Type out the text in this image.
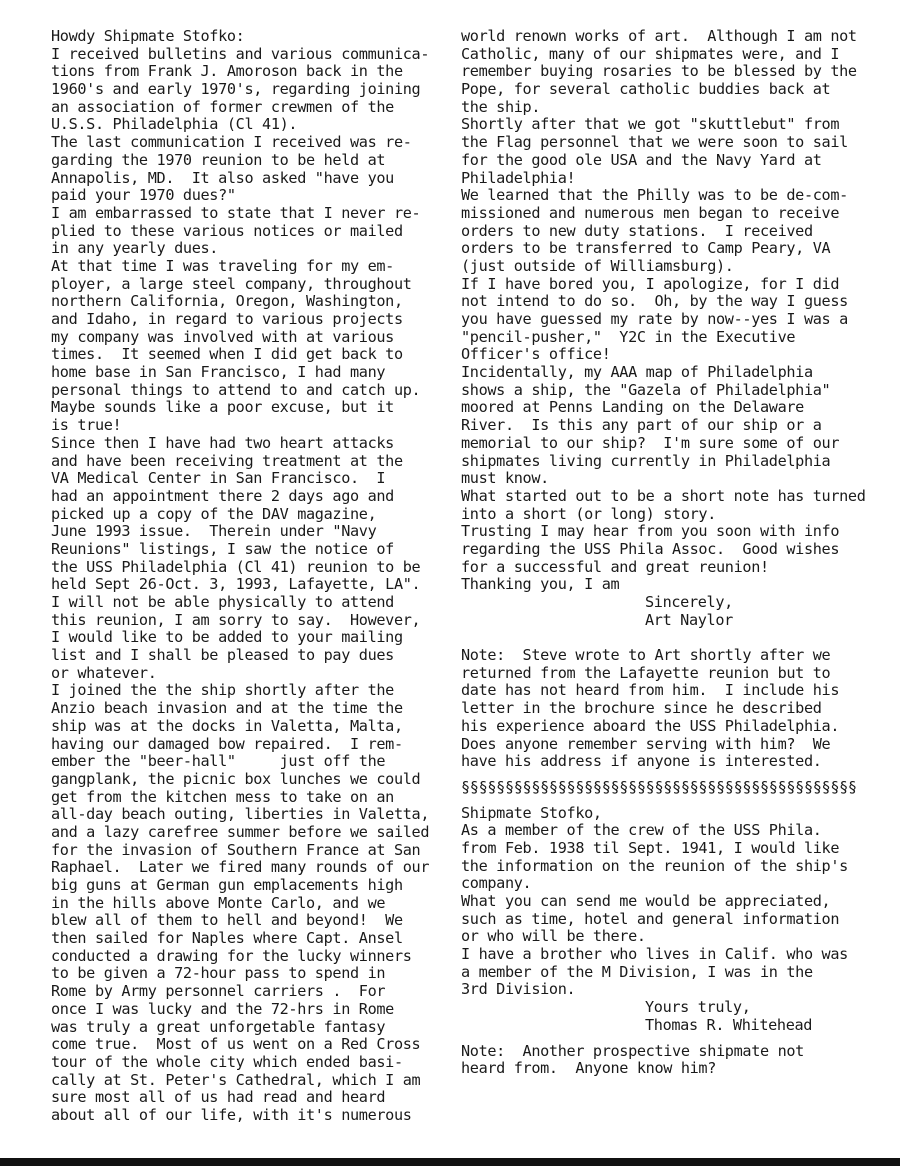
Howdy Shipmate Stofko:
I received bulletins and various communica-
tions from Frank J. Amoroson back in the
1960's and early 1970's, regarding joining
an association of former crewmen of the
U.S.S. Philadelphia (Cl 41).
The last communication I received was re-
garding the 1970 reunion to be held at
Annapolis, MD.  It also asked "have you
paid your 1970 dues?"
I am embarrassed to state that I never re-
plied to these various notices or mailed
in any yearly dues.
At that time I was traveling for my em-
ployer, a large steel company, throughout
northern California, Oregon, Washington,
and Idaho, in regard to various projects
my company was involved with at various
times.  It seemed when I did get back to
home base in San Francisco, I had many
personal things to attend to and catch up.
Maybe sounds like a poor excuse, but it
is true!
Since then I have had two heart attacks
and have been receiving treatment at the
VA Medical Center in San Francisco.  I
had an appointment there 2 days ago and
picked up a copy of the DAV magazine,
June 1993 issue.  Therein under "Navy
Reunions" listings, I saw the notice of
the USS Philadelphia (Cl 41) reunion to be
held Sept 26-Oct. 3, 1993, Lafayette, LA".
I will not be able physically to attend
this reunion, I am sorry to say.  However,
I would like to be added to your mailing
list and I shall be pleased to pay dues
or whatever.
I joined the the ship shortly after the
Anzio beach invasion and at the time the
ship was at the docks in Valetta, Malta,
having our damaged bow repaired.  I rem-
ember the "beer-hall"     just off the
gangplank, the picnic box lunches we could
get from the kitchen mess to take on an
all-day beach outing, liberties in Valetta,
and a lazy carefree summer before we sailed
for the invasion of Southern France at San
Raphael.  Later we fired many rounds of our
big guns at German gun emplacements high
in the hills above Monte Carlo, and we
blew all of them to hell and beyond!  We
then sailed for Naples where Capt. Ansel
conducted a drawing for the lucky winners
to be given a 72-hour pass to spend in
Rome by Army personnel carriers .  For
once I was lucky and the 72-hrs in Rome
was truly a great unforgetable fantasy
come true.  Most of us went on a Red Cross
tour of the whole city which ended basi-
cally at St. Peter's Cathedral, which I am
sure most all of us had read and heard
about all of our life, with it's numerous
world renown works of art.  Although I am not
Catholic, many of our shipmates were, and I
remember buying rosaries to be blessed by the
Pope, for several catholic buddies back at
the ship.
Shortly after that we got "skuttlebut" from
the Flag personnel that we were soon to sail
for the good ole USA and the Navy Yard at
Philadelphia!
We learned that the Philly was to be de-com-
missioned and numerous men began to receive
orders to new duty stations.  I received
orders to be transferred to Camp Peary, VA
(just outside of Williamsburg).
If I have bored you, I apologize, for I did
not intend to do so.  Oh, by the way I guess
you have guessed my rate by now--yes I was a
"pencil-pusher,"  Y2C in the Executive
Officer's office!
Incidentally, my AAA map of Philadelphia
shows a ship, the "Gazela of Philadelphia"
moored at Penns Landing on the Delaware
River.  Is this any part of our ship or a
memorial to our ship?  I'm sure some of our
shipmates living currently in Philadelphia
must know.
What started out to be a short note has turned
into a short (or long) story.
Trusting I may hear from you soon with info
regarding the USS Phila Assoc.  Good wishes
for a successful and great reunion!
Thanking you, I am
Sincerely,
Art Naylor
Note:  Steve wrote to Art shortly after we
returned from the Lafayette reunion but to
date has not heard from him.  I include his
letter in the brochure since he described
his experience aboard the USS Philadelphia.
Does anyone remember serving with him?  We
have his address if anyone is interested.
§§§§§§§§§§§§§§§§§§§§§§§§§§§§§§§§§§§§§§§§§§§§§
Shipmate Stofko,
As a member of the crew of the USS Phila.
from Feb. 1938 til Sept. 1941, I would like
the information on the reunion of the ship's
company.
What you can send me would be appreciated,
such as time, hotel and general information
or who will be there.
I have a brother who lives in Calif. who was
a member of the M Division, I was in the
3rd Division.
Yours truly,
Thomas R. Whitehead
Note:  Another prospective shipmate not
heard from.  Anyone know him?
